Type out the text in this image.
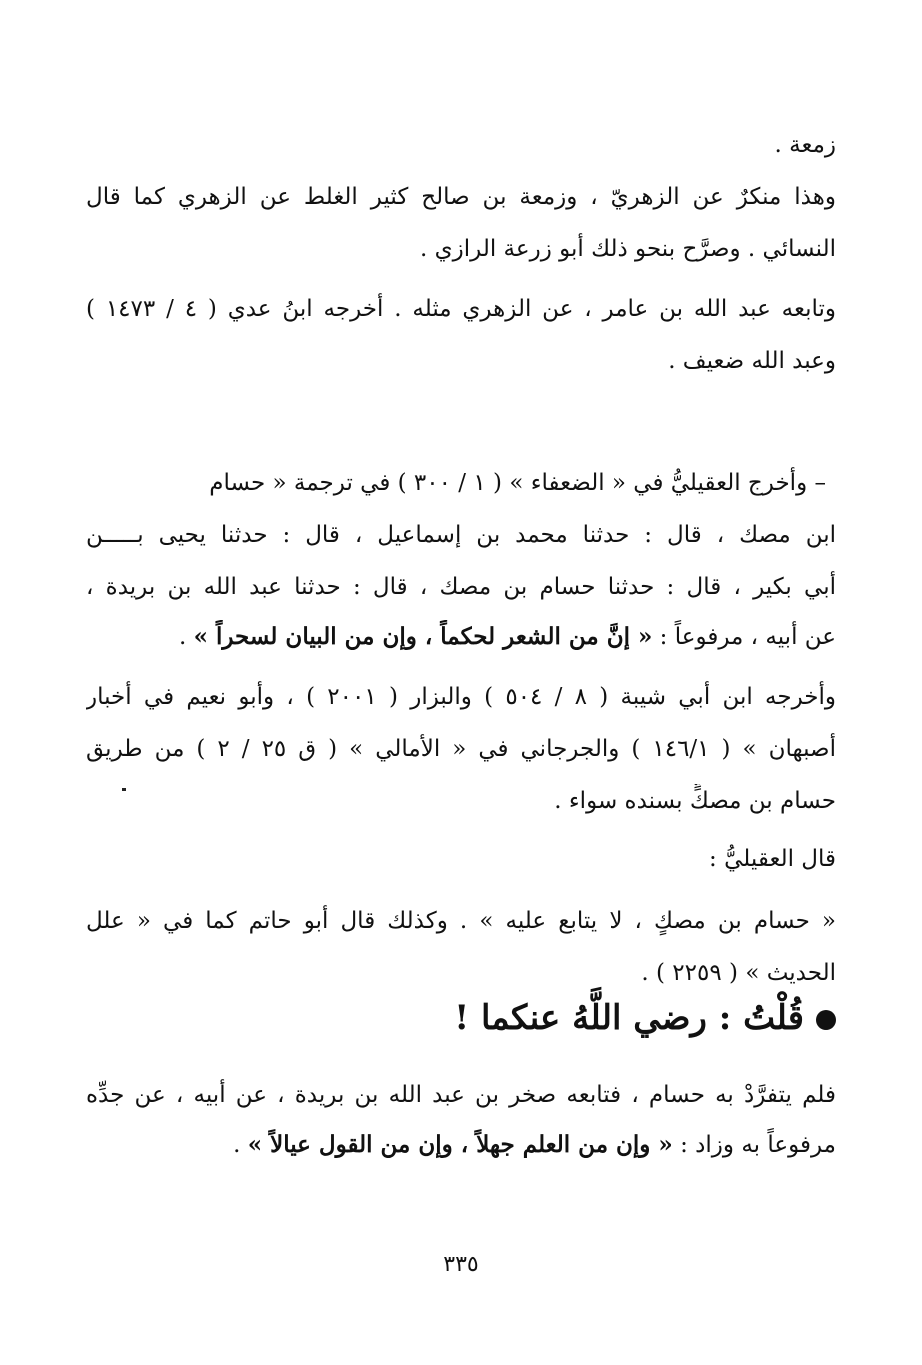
زمعة .
وهذا منكرٌ عن الزهريّ ، وزمعة بن صالح كثير الغلط عن الزهري كما قال
النسائي . وصرَّح بنحو ذلك أبو زرعة الرازي .
وتابعه عبد الله بن عامر ، عن الزهري مثله . أخرجه ابنُ عدي ( ٤ / ١٤٧٣ )
وعبد الله ضعيف .
– وأخرج العقيليُّ في « الضعفاء » ( ١ / ٣٠٠ ) في ترجمة « حسام
ابن مصك ، قال : حدثنا محمد بن إسماعيل ، قال : حدثنا يحيى بـــــن
أبي بكير ، قال : حدثنا حسام بن مصك ، قال : حدثنا عبد الله بن بريدة ،
عن أبيه ، مرفوعاً : « إنَّ من الشعر لحكماً ، وإن من البيان لسحراً » .
وأخرجه ابن أبي شيبة ( ٨ / ٥٠٤ ) والبزار ( ٢٠٠١ ) ، وأبو نعيم في أخبار
أصبهان » ( ١٤٦/١ ) والجرجاني في « الأمالي » ( ق ٢٥ / ٢ ) من طريق
حسام بن مصكٍّ بسنده سواء .
قال العقيليُّ :
« حسام بن مصكٍ ، لا يتابع عليه » . وكذلك قال أبو حاتم كما في « علل
الحديث » ( ٢٢٥٩ ) .
قُلْتُ : رضي اللَّهُ عنكما !
فلم يتفرَّدْ به حسام ، فتابعه صخر بن عبد الله بن بريدة ، عن أبيه ، عن جدِّه
مرفوعاً به وزاد : « وإن من العلم جهلاً ، وإن من القول عيالاً » .
٣٣٥
